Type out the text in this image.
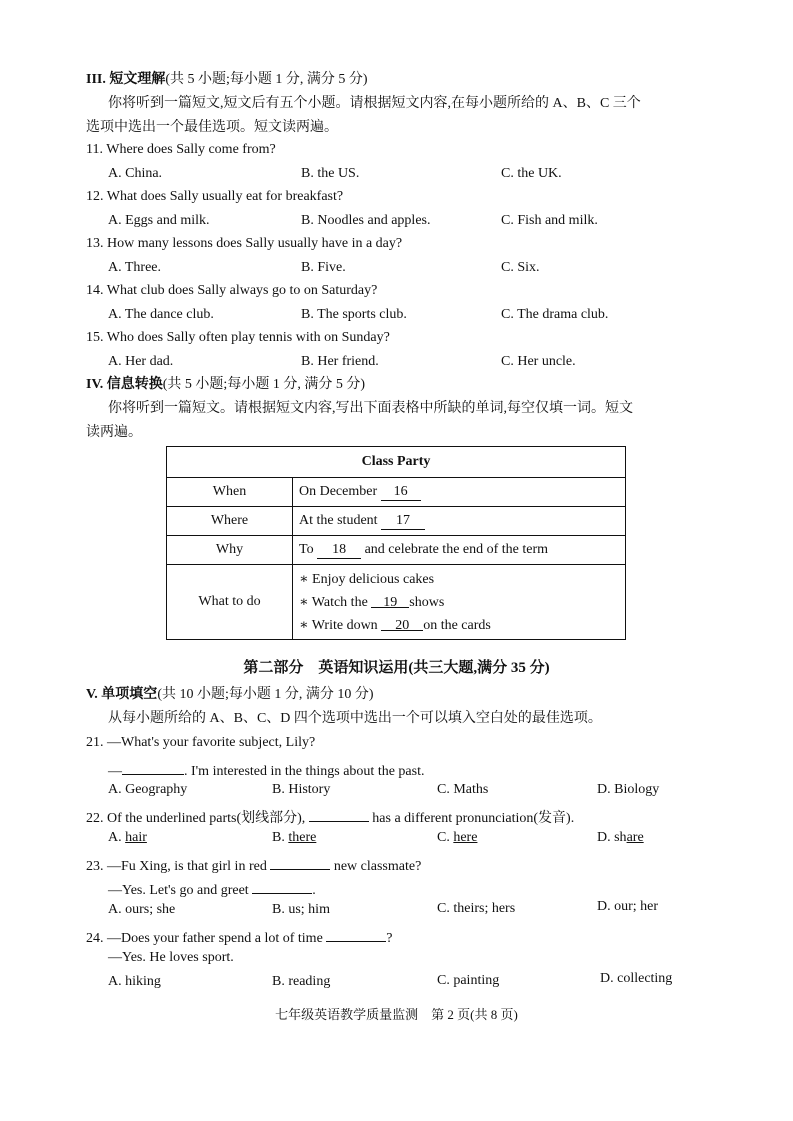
III. 短文理解(共 5 小题;每小题 1 分, 满分 5 分)
你将听到一篇短文,短文后有五个小题。请根据短文内容,在每小题所给的 A、B、C 三个
选项中选出一个最佳选项。短文读两遍。
11. Where does Sally come from?
A. China.	B. the US.	C. the UK.
12. What does Sally usually eat for breakfast?
A. Eggs and milk.	B. Noodles and apples.	C. Fish and milk.
13. How many lessons does Sally usually have in a day?
A. Three.	B. Five.	C. Six.
14. What club does Sally always go to on Saturday?
A. The dance club.	B. The sports club.	C. The drama club.
15. Who does Sally often play tennis with on Sunday?
A. Her dad.	B. Her friend.	C. Her uncle.
IV. 信息转换(共 5 小题;每小题 1 分, 满分 5 分)
你将听到一篇短文。请根据短文内容,写出下面表格中所缺的单词,每空仅填一词。短文
读两遍。
Class Party	
When	On December 16
Where	At the student 17
Why	To 18 and celebrate the end of the term
What to do	∗ Enjoy delicious cakes
∗ Watch the 19 shows
∗ Write down 20 on the cards
第二部分　英语知识运用(共三大题,满分 35 分)
V. 单项填空(共 10 小题;每小题 1 分, 满分 10 分)
从每小题所给的 A、B、C、D 四个选项中选出一个可以填入空白处的最佳选项。
21. —What's your favorite subject, Lily?
—	. I'm interested in the things about the past.
A. Geography	B. History	C. Maths	D. Biology
22. Of the underlined parts(划线部分),	has a different pronunciation(发音).
A. hair	B. there	C. here	D. share
23. —Fu Xing, is that girl in red	new classmate?
—Yes. Let's go and greet	.
A. ours; she	B. us; him	C. theirs; hers	D. our; her
24. —Does your father spend a lot of time	?
—Yes. He loves sport.
A. hiking	B. reading	C. painting	D. collecting
七年级英语教学质量监测　第 2 页(共 8 页)
